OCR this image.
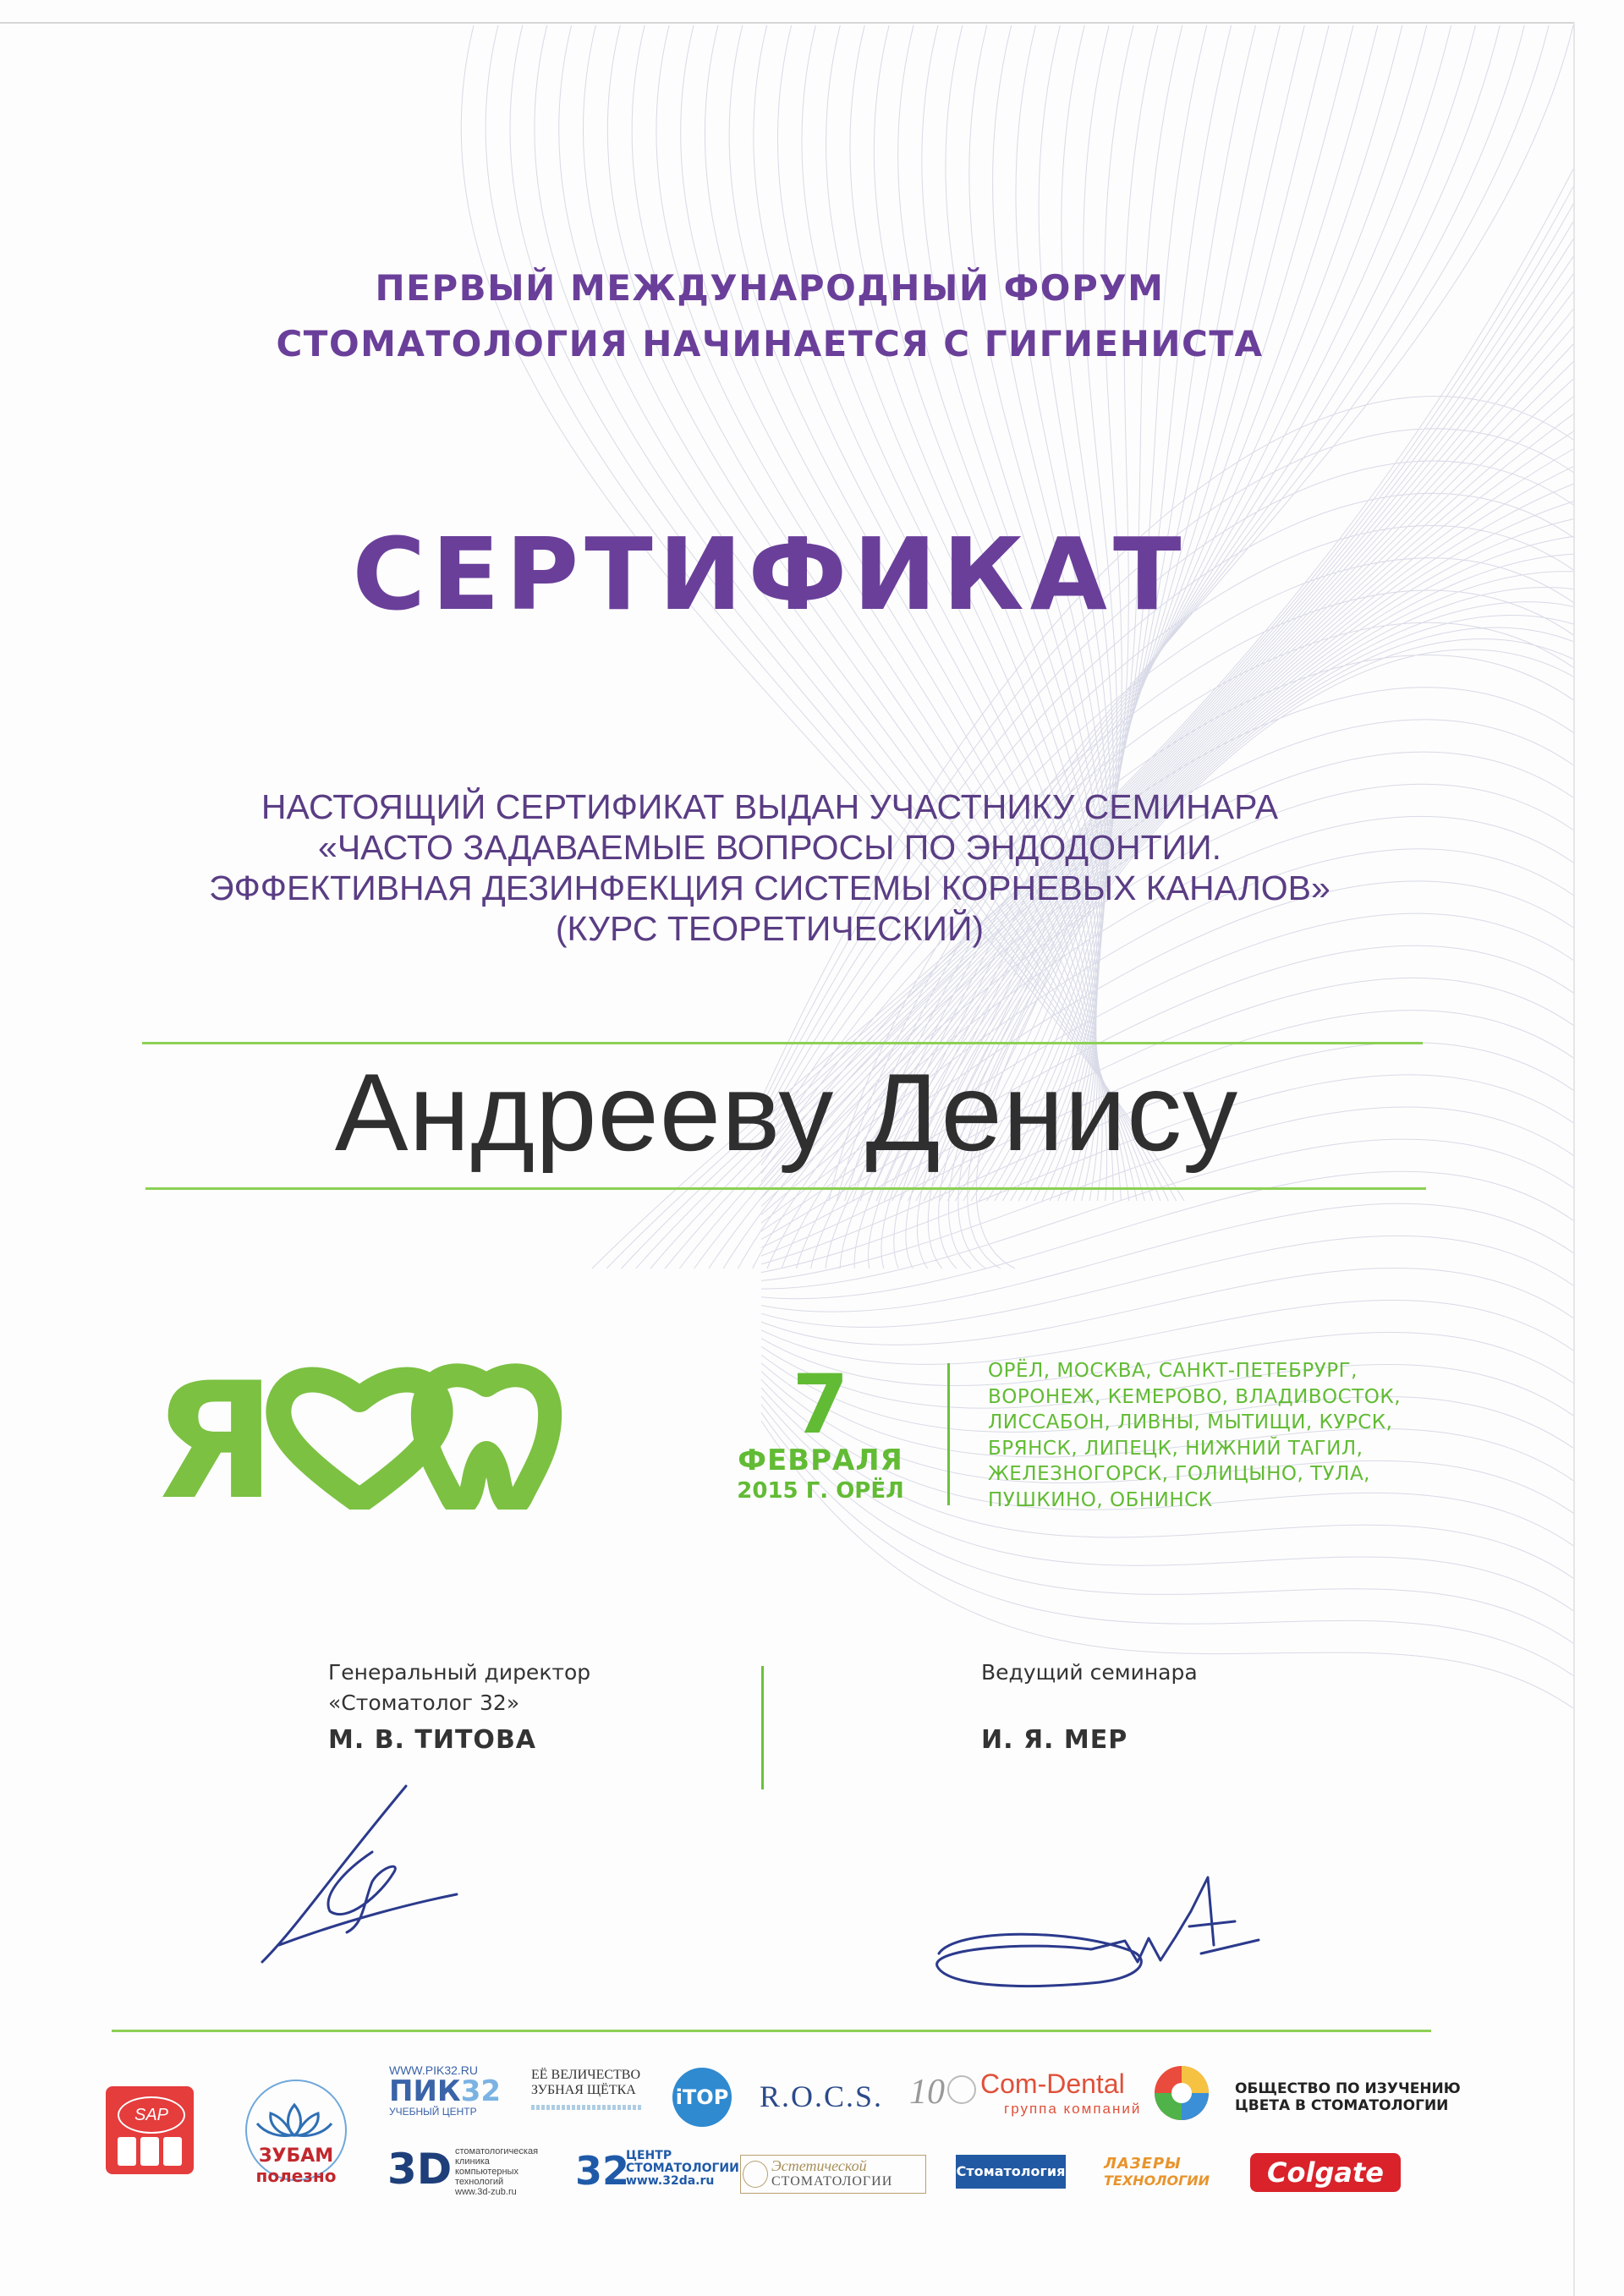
ПЕРВЫЙ МЕЖДУНАРОДНЫЙ ФОРУМ
СТОМАТОЛОГИЯ НАЧИНАЕТСЯ С ГИГИЕНИСТА
СЕРТИФИКАТ
НАСТОЯЩИЙ СЕРТИФИКАТ ВЫДАН УЧАСТНИКУ СЕМИНАРА
«ЧАСТО ЗАДАВАЕМЫЕ ВОПРОСЫ ПО ЭНДОДОНТИИ.
ЭФФЕКТИВНАЯ ДЕЗИНФЕКЦИЯ СИСТЕМЫ КОРНЕВЫХ КАНАЛОВ»
(КУРС ТЕОРЕТИЧЕСКИЙ)
Андрееву Денису
Я	7
ФЕВРАЛЯ
2015 Г. ОРЁЛ
ОРЁЛ, МОСКВА, САНКТ-ПЕТЕБРУРГ,
ВОРОНЕЖ, КЕМЕРОВО, ВЛАДИВОСТОК,
ЛИССАБОН, ЛИВНЫ, МЫТИЩИ, КУРСК,
БРЯНСК, ЛИПЕЦК, НИЖНИЙ ТАГИЛ,
ЖЕЛЕЗНОГОРСК, ГОЛИЦЫНО, ТУЛА,
ПУШКИНО, ОБНИНСК
Генеральный директор
«Стоматолог 32»
М. В. ТИТОВА
Ведущий семинара
И. Я. МЕР
SAP
ЗУБАМ
полезно
WWW.PIK32.RU
ПИК32
УЧЕБНЫЙ ЦЕНТР
ЕЁ ВЕЛИЧЕСТВО
ЗУБНАЯ ЩЁТКА iTOP R.O.C.S. 10 Com-Dental
группа компаний
ОБЩЕСТВО ПО ИЗУЧЕНИЮ
ЦВЕТА В СТОМАТОЛОГИИ
3D стоматологическая
клиника
компьютерных
технологий
www.3d-zub.ru	32
ЦЕНТР
СТОМАТОЛОГИИ
www.32da.ru
Эстетической
СТОМАТОЛОГИИ
Стоматология	ЛАЗЕРЫ
ТЕХНОЛОГИИ	Colgate
